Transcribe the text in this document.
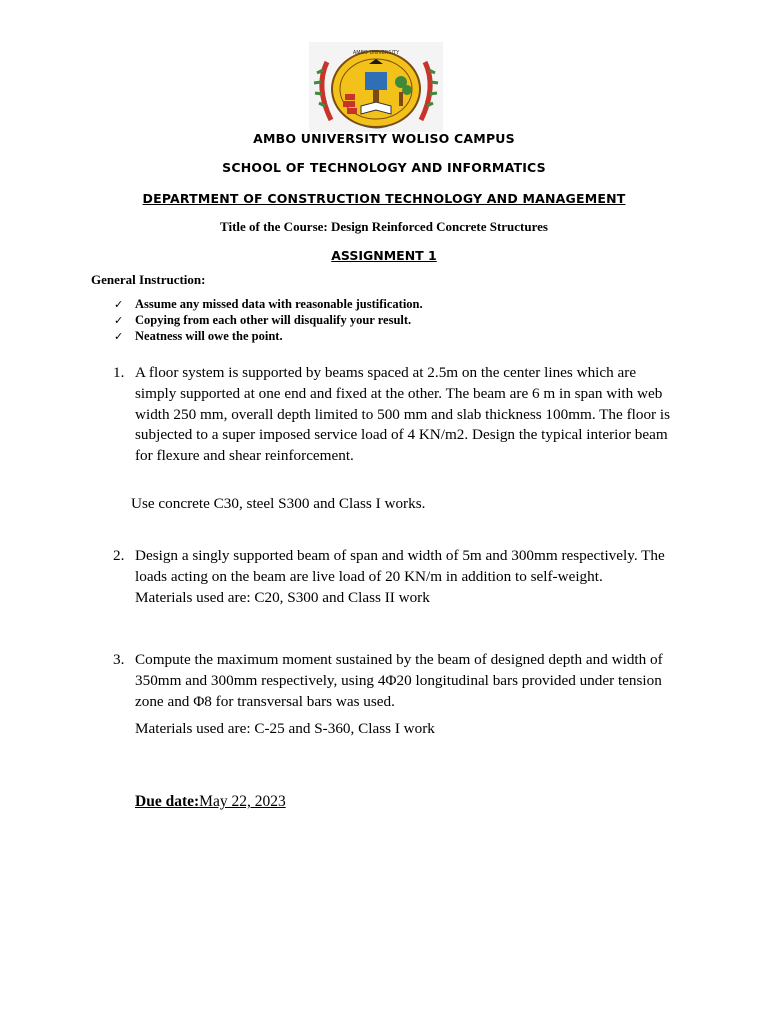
AMBO UNIVERSITY
AMBO UNIVERSITY WOLISO CAMPUS
SCHOOL OF TECHNOLOGY AND INFORMATICS
DEPARTMENT OF CONSTRUCTION TECHNOLOGY AND MANAGEMENT
Title of the Course: Design Reinforced Concrete Structures
ASSIGNMENT 1
General Instruction:
✓ Assume any missed data with reasonable justification.
✓ Copying from each other will disqualify your result.
✓ Neatness will owe the point.
1. A floor system is supported by beams spaced at 2.5m on the center lines which are simply supported at one end and fixed at the other. The beam are 6 m in span with web width 250 mm, overall depth limited to 500 mm and slab thickness 100mm. The floor is subjected to a super imposed service load of 4 KN/m2. Design the typical interior beam for flexure and shear reinforcement.
Use concrete C30, steel S300 and Class I works.
2. Design a singly supported beam of span and width of 5m and 300mm respectively. The loads acting on the beam are live load of 20 KN/m in addition to self-weight.
Materials used are: C20, S300 and Class II work
3. Compute the maximum moment sustained by the beam of designed depth and width of 350mm and 300mm respectively, using 4Φ20 longitudinal bars provided under tension zone and Φ8 for transversal bars was used.
Materials used are: C-25 and S-360, Class I work
Due date:May 22, 2023
